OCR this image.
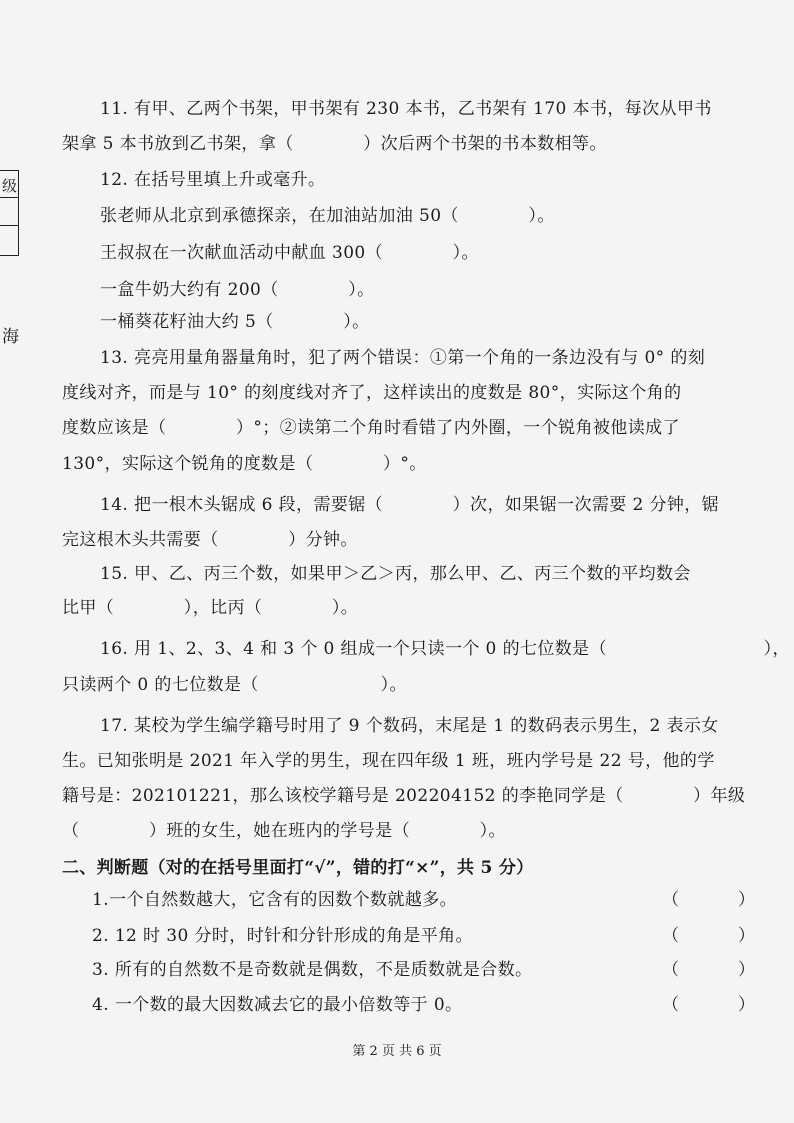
级
海
11. 有甲、乙两个书架，甲书架有 230 本书，乙书架有 170 本书，每次从甲书
架拿 5 本书放到乙书架，拿（　　　　）次后两个书架的书本数相等。
12. 在括号里填上升或毫升。
张老师从北京到承德探亲，在加油站加油 50（　　　　）。
王叔叔在一次献血活动中献血 300（　　　　）。
一盒牛奶大约有 200（　　　　）。
一桶葵花籽油大约 5（　　　　）。
13. 亮亮用量角器量角时，犯了两个错误：①第一个角的一条边没有与 0° 的刻
度线对齐，而是与 10° 的刻度线对齐了，这样读出的度数是 80°，实际这个角的
度数应该是（　　　　）°；②读第二个角时看错了内外圈，一个锐角被他读成了
130°，实际这个锐角的度数是（　　　　）°。
14. 把一根木头锯成 6 段，需要锯（　　　　）次，如果锯一次需要 2 分钟，锯
完这根木头共需要（　　　　）分钟。
15. 甲、乙、丙三个数，如果甲＞乙＞丙，那么甲、乙、丙三个数的平均数会
比甲（　　　　），比丙（　　　　）。
16. 用 1、2、3、4 和 3 个 0 组成一个只读一个 0 的七位数是（　　　　　　　　　），
只读两个 0 的七位数是（　　　　　　　）。
17. 某校为学生编学籍号时用了 9 个数码，末尾是 1 的数码表示男生，2 表示女
生。已知张明是 2021 年入学的男生，现在四年级 1 班，班内学号是 22 号，他的学
籍号是：202101221，那么该校学籍号是 202204152 的李艳同学是（　　　　）年级
（　　　　）班的女生，她在班内的学号是（　　　　）。
二、判断题（对的在括号里面打“√”，错的打“×”，共 5 分）
1.一个自然数越大，它含有的因数个数就越多。	（　　　）
2. 12 时 30 分时，时针和分针形成的角是平角。	（　　　）
3. 所有的自然数不是奇数就是偶数，不是质数就是合数。	（　　　）
4. 一个数的最大因数减去它的最小倍数等于 0。	（　　　）
第 2 页 共 6 页
